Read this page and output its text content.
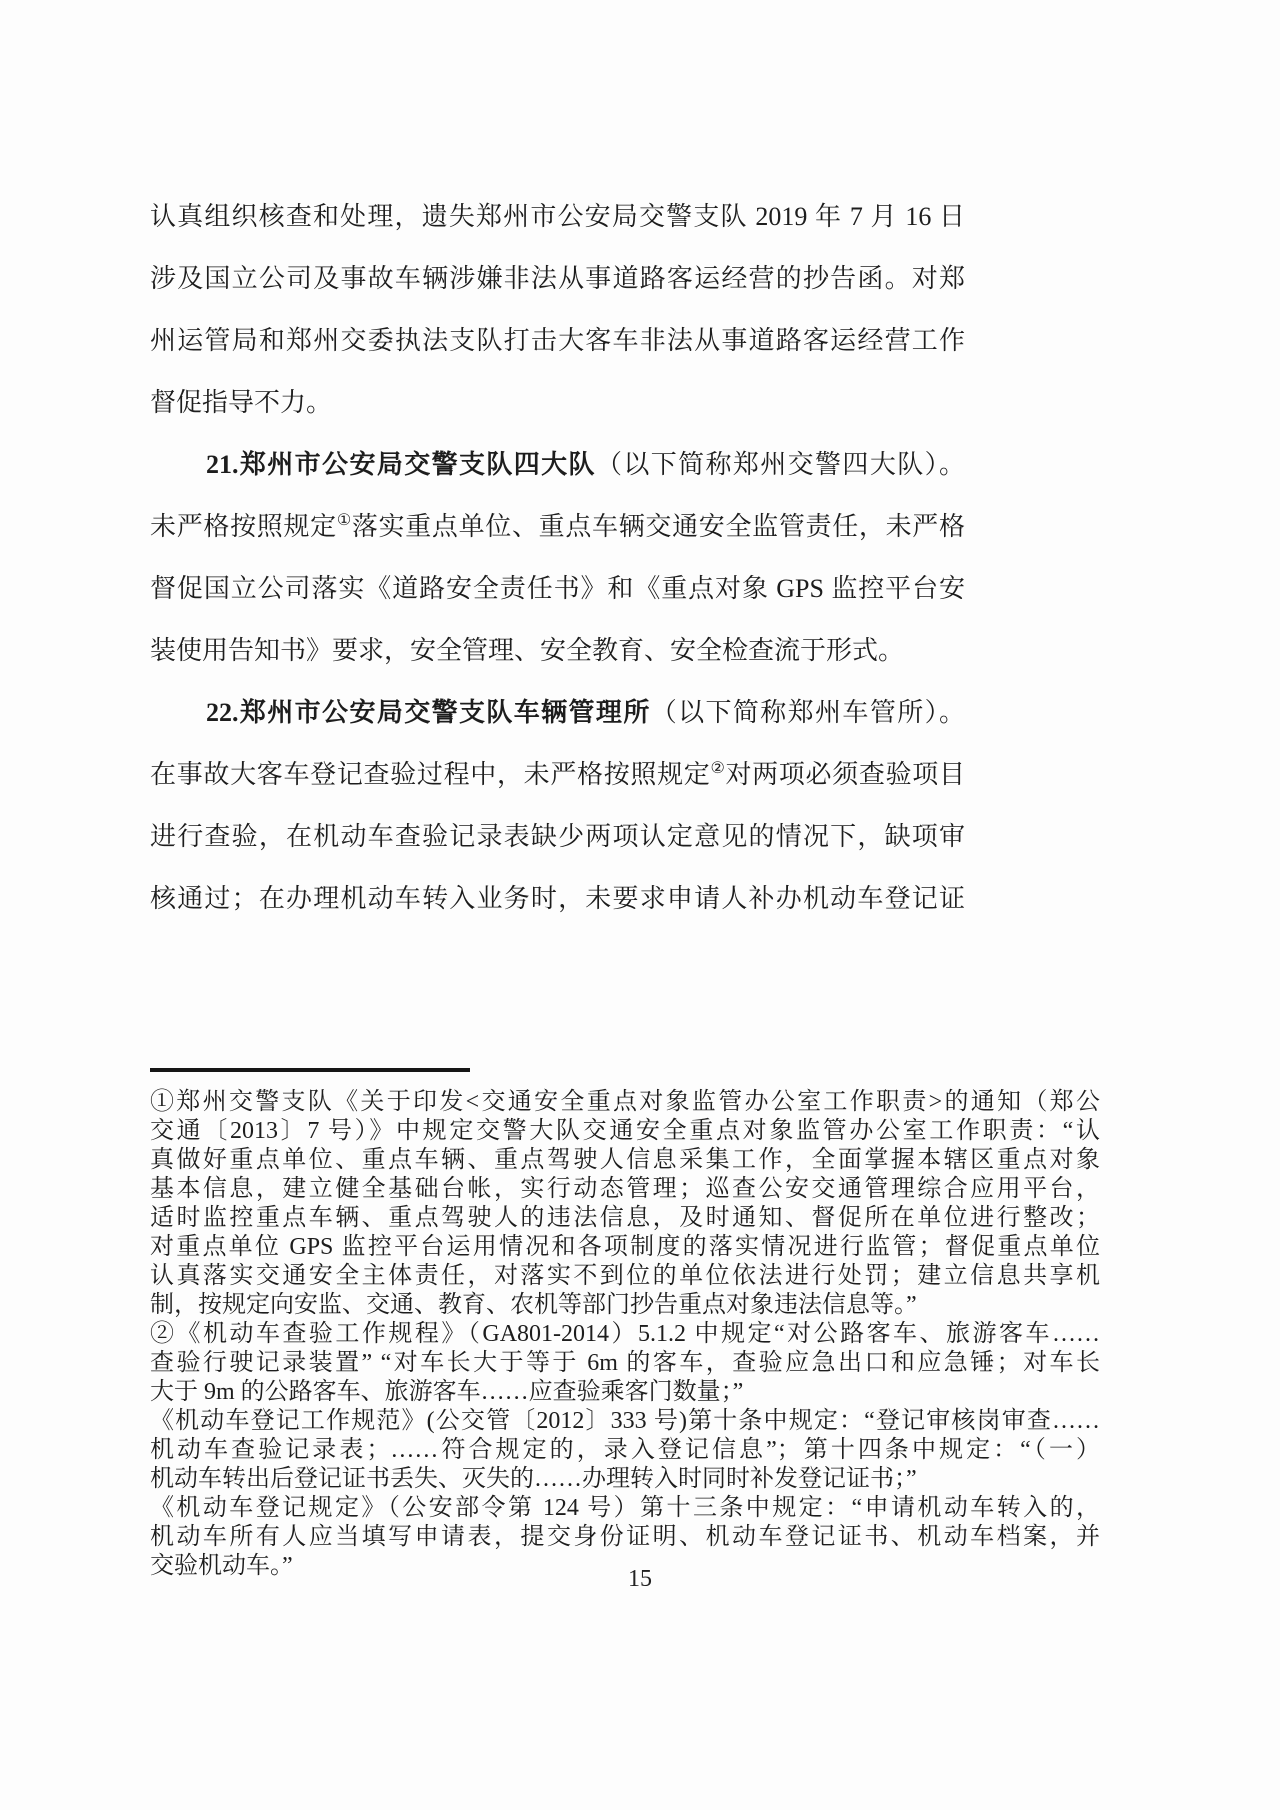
认真组织核查和处理，遗失郑州市公安局交警支队 2019 年 7 月 16 日
涉及国立公司及事故车辆涉嫌非法从事道路客运经营的抄告函。对郑
州运管局和郑州交委执法支队打击大客车非法从事道路客运经营工作
督促指导不力。
21.郑州市公安局交警支队四大队（以下简称郑州交警四大队）。
未严格按照规定①落实重点单位、重点车辆交通安全监管责任，未严格
督促国立公司落实《道路安全责任书》和《重点对象 GPS 监控平台安
装使用告知书》要求，安全管理、安全教育、安全检查流于形式。
22.郑州市公安局交警支队车辆管理所（以下简称郑州车管所）。
在事故大客车登记查验过程中，未严格按照规定②对两项必须查验项目
进行查验，在机动车查验记录表缺少两项认定意见的情况下，缺项审
核通过；在办理机动车转入业务时，未要求申请人补办机动车登记证
①郑州交警支队《关于印发<交通安全重点对象监管办公室工作职责>的通知（郑公
交通〔2013〕7 号）》中规定交警大队交通安全重点对象监管办公室工作职责：“认
真做好重点单位、重点车辆、重点驾驶人信息采集工作，全面掌握本辖区重点对象
基本信息，建立健全基础台帐，实行动态管理；巡查公安交通管理综合应用平台，
适时监控重点车辆、重点驾驶人的违法信息，及时通知、督促所在单位进行整改；
对重点单位 GPS 监控平台运用情况和各项制度的落实情况进行监管；督促重点单位
认真落实交通安全主体责任，对落实不到位的单位依法进行处罚；建立信息共享机
制，按规定向安监、交通、教育、农机等部门抄告重点对象违法信息等。”
②《机动车查验工作规程》（GA801-2014）5.1.2 中规定“对公路客车、旅游客车……
查验行驶记录装置” “对车长大于等于 6m 的客车，查验应急出口和应急锤；对车长
大于 9m 的公路客车、旅游客车……应查验乘客门数量；”
《机动车登记工作规范》(公交管〔2012〕333 号)第十条中规定：“登记审核岗审查……
机动车查验记录表；……符合规定的，录入登记信息”；第十四条中规定：“（一）
机动车转出后登记证书丢失、灭失的……办理转入时同时补发登记证书；”
《机动车登记规定》（公安部令第 124 号）第十三条中规定：“申请机动车转入的，
机动车所有人应当填写申请表，提交身份证明、机动车登记证书、机动车档案，并
交验机动车。”	15
